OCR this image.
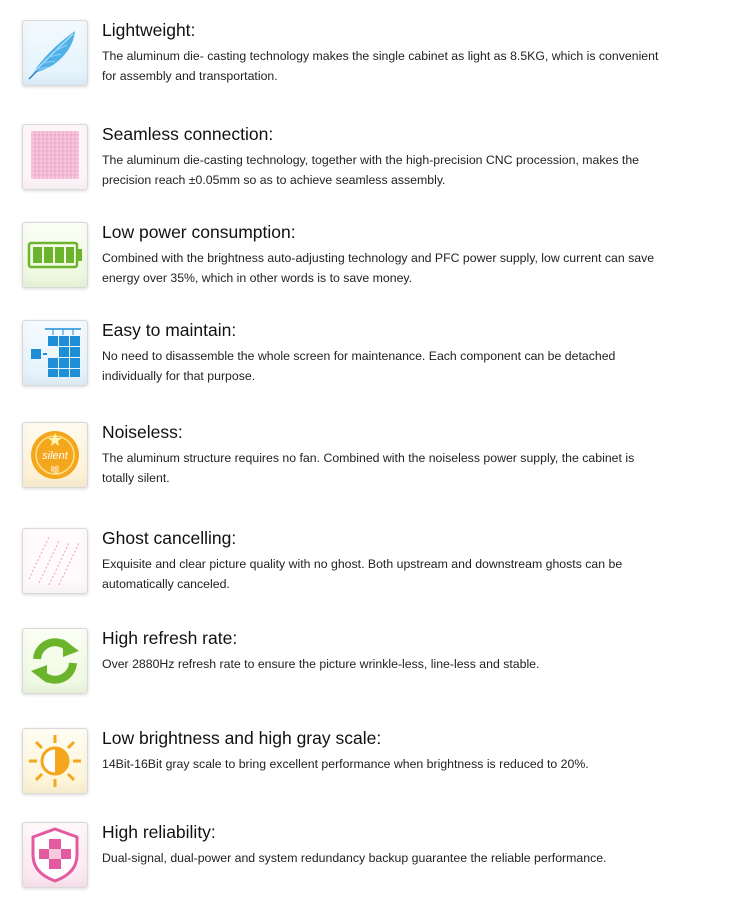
Lightweight:
The aluminum die- casting technology makes the single cabinet as light as 8.5KG, which is convenient for assembly and transportation.
Seamless connection:
The aluminum die-casting technology, together with the high-precision CNC procession, makes the precision reach ±0.05mm so as to achieve seamless assembly.
Low power consumption:
Combined with the brightness auto-adjusting technology and PFC power supply, low current can save energy over 35%, which in other words is to save money.
Easy to maintain:
No need to disassemble the whole screen for maintenance. Each component can be detached individually for that purpose.
silent
嘘
Noiseless:
The aluminum structure requires no fan. Combined with the noiseless power supply, the cabinet is totally silent.
Ghost cancelling:
Exquisite and clear picture quality with no ghost. Both upstream and downstream ghosts can be automatically canceled.
High refresh rate:
Over 2880Hz refresh rate to ensure the picture wrinkle-less, line-less and stable.
Low brightness and high gray scale:
14Bit-16Bit gray scale to bring excellent performance when brightness is reduced to 20%.
High reliability:
Dual-signal, dual-power and system redundancy backup guarantee the reliable performance.
